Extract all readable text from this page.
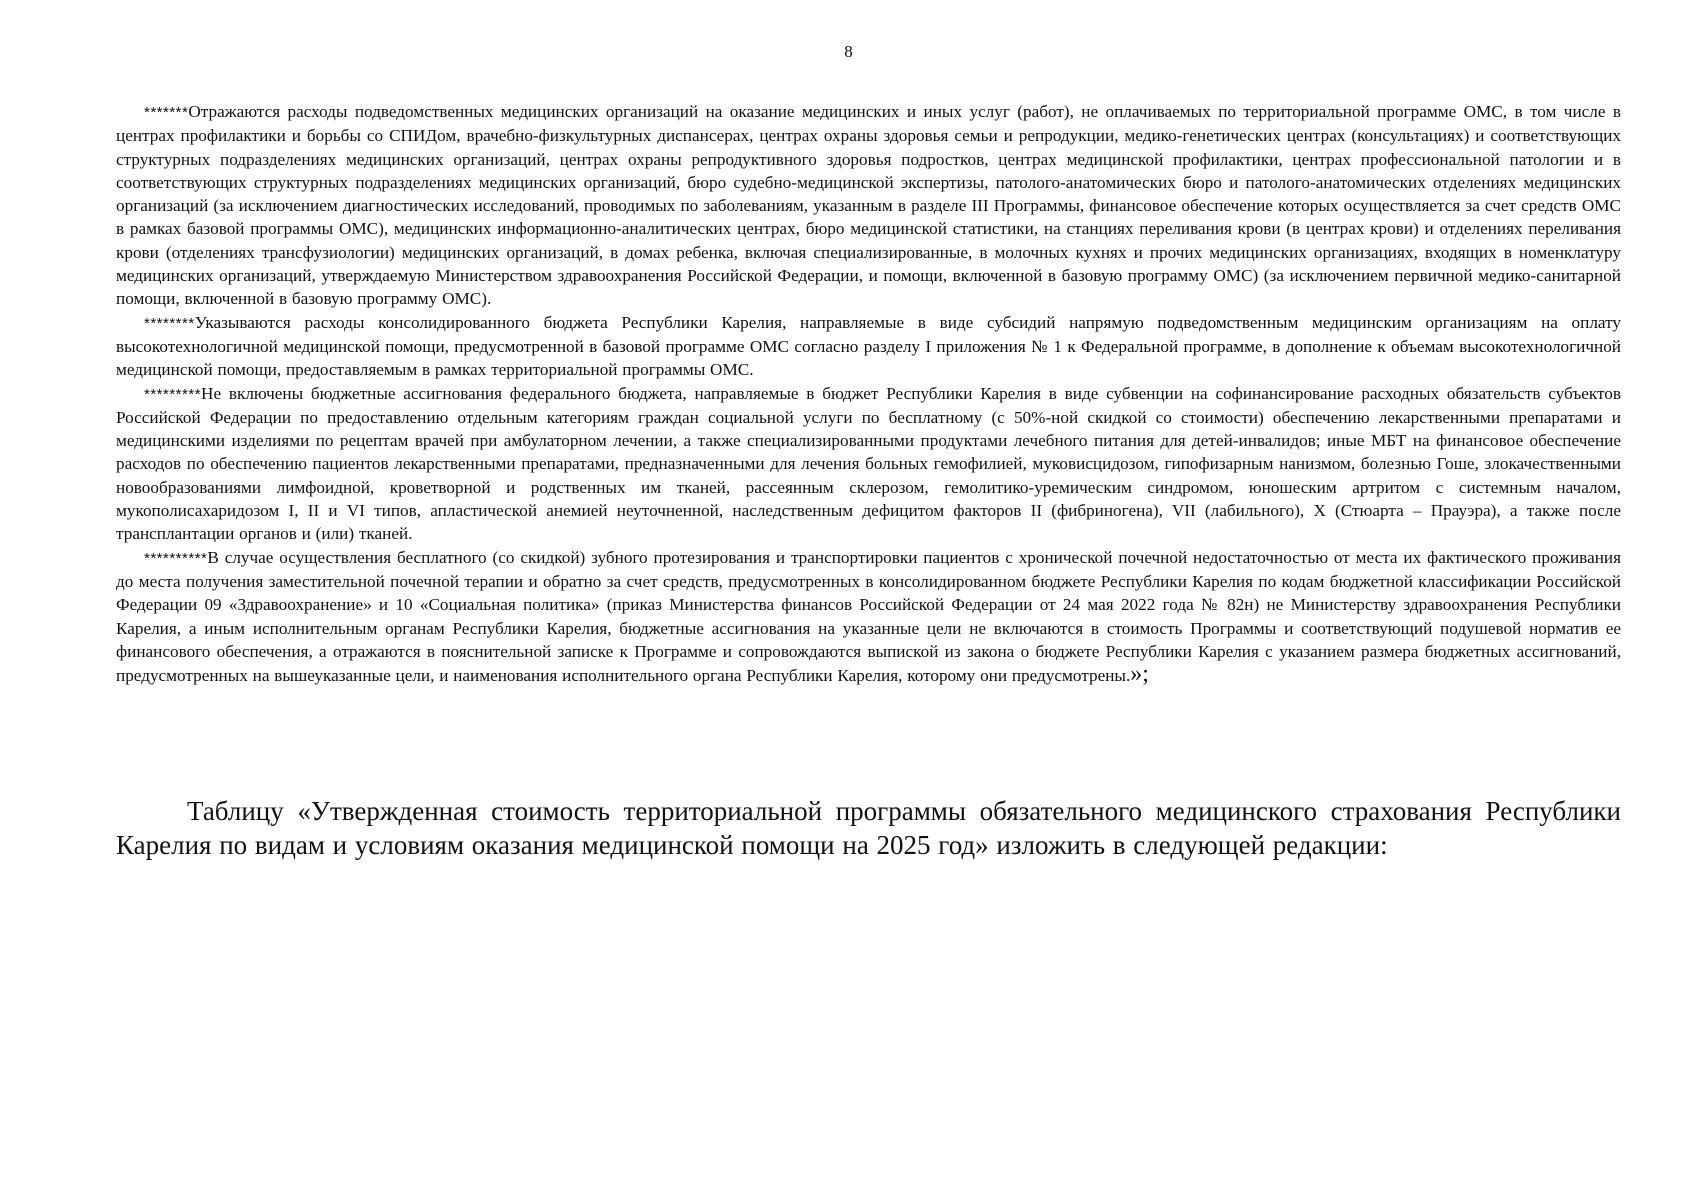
8

*******Отражаются расходы подведомственных медицинских организаций на оказание медицинских и иных услуг (работ), не оплачиваемых по территориальной программе ОМС, в том числе в центрах профилактики и борьбы со СПИДом, врачебно-физкультурных диспансерах, центрах охраны здоровья семьи и репродукции, медико-генетических центрах (консультациях) и соответствующих структурных подразделениях медицинских организаций, центрах охраны репродуктивного здоровья подростков, центрах медицинской профилактики, центрах профессиональной патологии и в соответствующих структурных подразделениях медицинских организаций, бюро судебно-медицинской экспертизы, патолого-анатомических бюро и патолого-анатомических отделениях медицинских организаций (за исключением диагностических исследований, проводимых по заболеваниям, указанным в разделе III Программы, финансовое обеспечение которых осуществляется за счет средств ОМС в рамках базовой программы ОМС), медицинских информационно-аналитических центрах, бюро медицинской статистики, на станциях переливания крови (в центрах крови) и отделениях переливания крови (отделениях трансфузиологии) медицинских организаций, в домах ребенка, включая специализированные, в молочных кухнях и прочих медицинских организациях, входящих в номенклатуру медицинских организаций, утверждаемую Министерством здравоохранения Российской Федерации, и помощи, включенной в базовую программу ОМС) (за исключением первичной медико-санитарной помощи, включенной в базовую программу ОМС).

********Указываются расходы консолидированного бюджета Республики Карелия, направляемые в виде субсидий напрямую подведомственным медицинским организациям на оплату высокотехнологичной медицинской помощи, предусмотренной в базовой программе ОМС согласно разделу I приложения № 1 к Федеральной программе, в дополнение к объемам высокотехнологичной медицинской помощи, предоставляемым в рамках территориальной программы ОМС.

*********Не включены бюджетные ассигнования федерального бюджета, направляемые в бюджет Республики Карелия в виде субвенции на софинансирование расходных обязательств субъектов Российской Федерации по предоставлению отдельным категориям граждан социальной услуги по бесплатному (с 50%-ной скидкой со стоимости) обеспечению лекарственными препаратами и медицинскими изделиями по рецептам врачей при амбулаторном лечении, а также специализированными продуктами лечебного питания для детей-инвалидов; иные МБТ на финансовое обеспечение расходов по обеспечению пациентов лекарственными препаратами, предназначенными для лечения больных гемофилией, муковисцидозом, гипофизарным нанизмом, болезнью Гоше, злокачественными новообразованиями лимфоидной, кроветворной и родственных им тканей, рассеянным склерозом, гемолитико-уремическим синдромом, юношеским артритом с системным началом, мукополисахаридозом I, II и VI типов, апластической анемией неуточненной, наследственным дефицитом факторов II (фибриногена), VII (лабильного), X (Стюарта – Прауэра), а также после трансплантации органов и (или) тканей.

**********В случае осуществления бесплатного (со скидкой) зубного протезирования и транспортировки пациентов с хронической почечной недостаточностью от места их фактического проживания до места получения заместительной почечной терапии и обратно за счет средств, предусмотренных в консолидированном бюджете Республики Карелия по кодам бюджетной классификации Российской Федерации 09 «Здравоохранение» и 10 «Социальная политика» (приказ Министерства финансов Российской Федерации от 24 мая 2022 года № 82н) не Министерству здравоохранения Республики Карелия, а иным исполнительным органам Республики Карелия, бюджетные ассигнования на указанные цели не включаются в стоимость Программы и соответствующий подушевой норматив ее финансового обеспечения, а отражаются в пояснительной записке к Программе и сопровождаются выпиской из закона о бюджете Республики Карелия с указанием размера бюджетных ассигнований, предусмотренных на вышеуказанные цели, и наименования исполнительного органа Республики Карелия, которому они предусмотрены.»;

Таблицу «Утвержденная стоимость территориальной программы обязательного медицинского страхования Республики Карелия по видам и условиям оказания медицинской помощи на 2025 год» изложить в следующей редакции:
